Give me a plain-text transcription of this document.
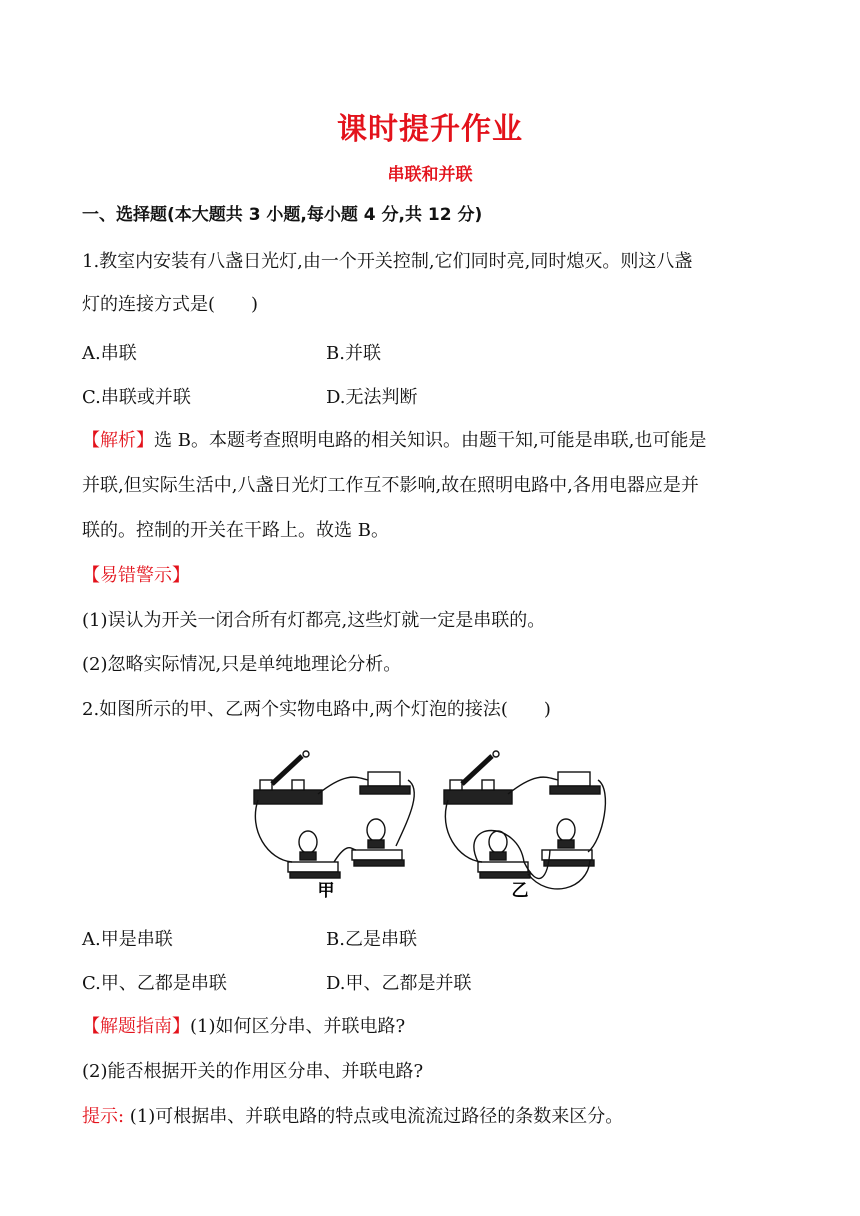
课时提升作业
串联和并联
一、选择题(本大题共 3 小题,每小题 4 分,共 12 分)
1.教室内安装有八盏日光灯,由一个开关控制,它们同时亮,同时熄灭。则这八盏
灯的连接方式是(　　)
A.串联	B.并联
C.串联或并联	D.无法判断
【解析】选 B。本题考查照明电路的相关知识。由题干知,可能是串联,也可能是
并联,但实际生活中,八盏日光灯工作互不影响,故在照明电路中,各用电器应是并
联的。控制的开关在干路上。故选 B。
【易错警示】
(1)误认为开关一闭合所有灯都亮,这些灯就一定是串联的。
(2)忽略实际情况,只是单纯地理论分析。
2.如图所示的甲、乙两个实物电路中,两个灯泡的接法(　　)
甲	乙
A.甲是串联	B.乙是串联
C.甲、乙都是串联	D.甲、乙都是并联
【解题指南】(1)如何区分串、并联电路?
(2)能否根据开关的作用区分串、并联电路?
提示: (1)可根据串、并联电路的特点或电流流过路径的条数来区分。
